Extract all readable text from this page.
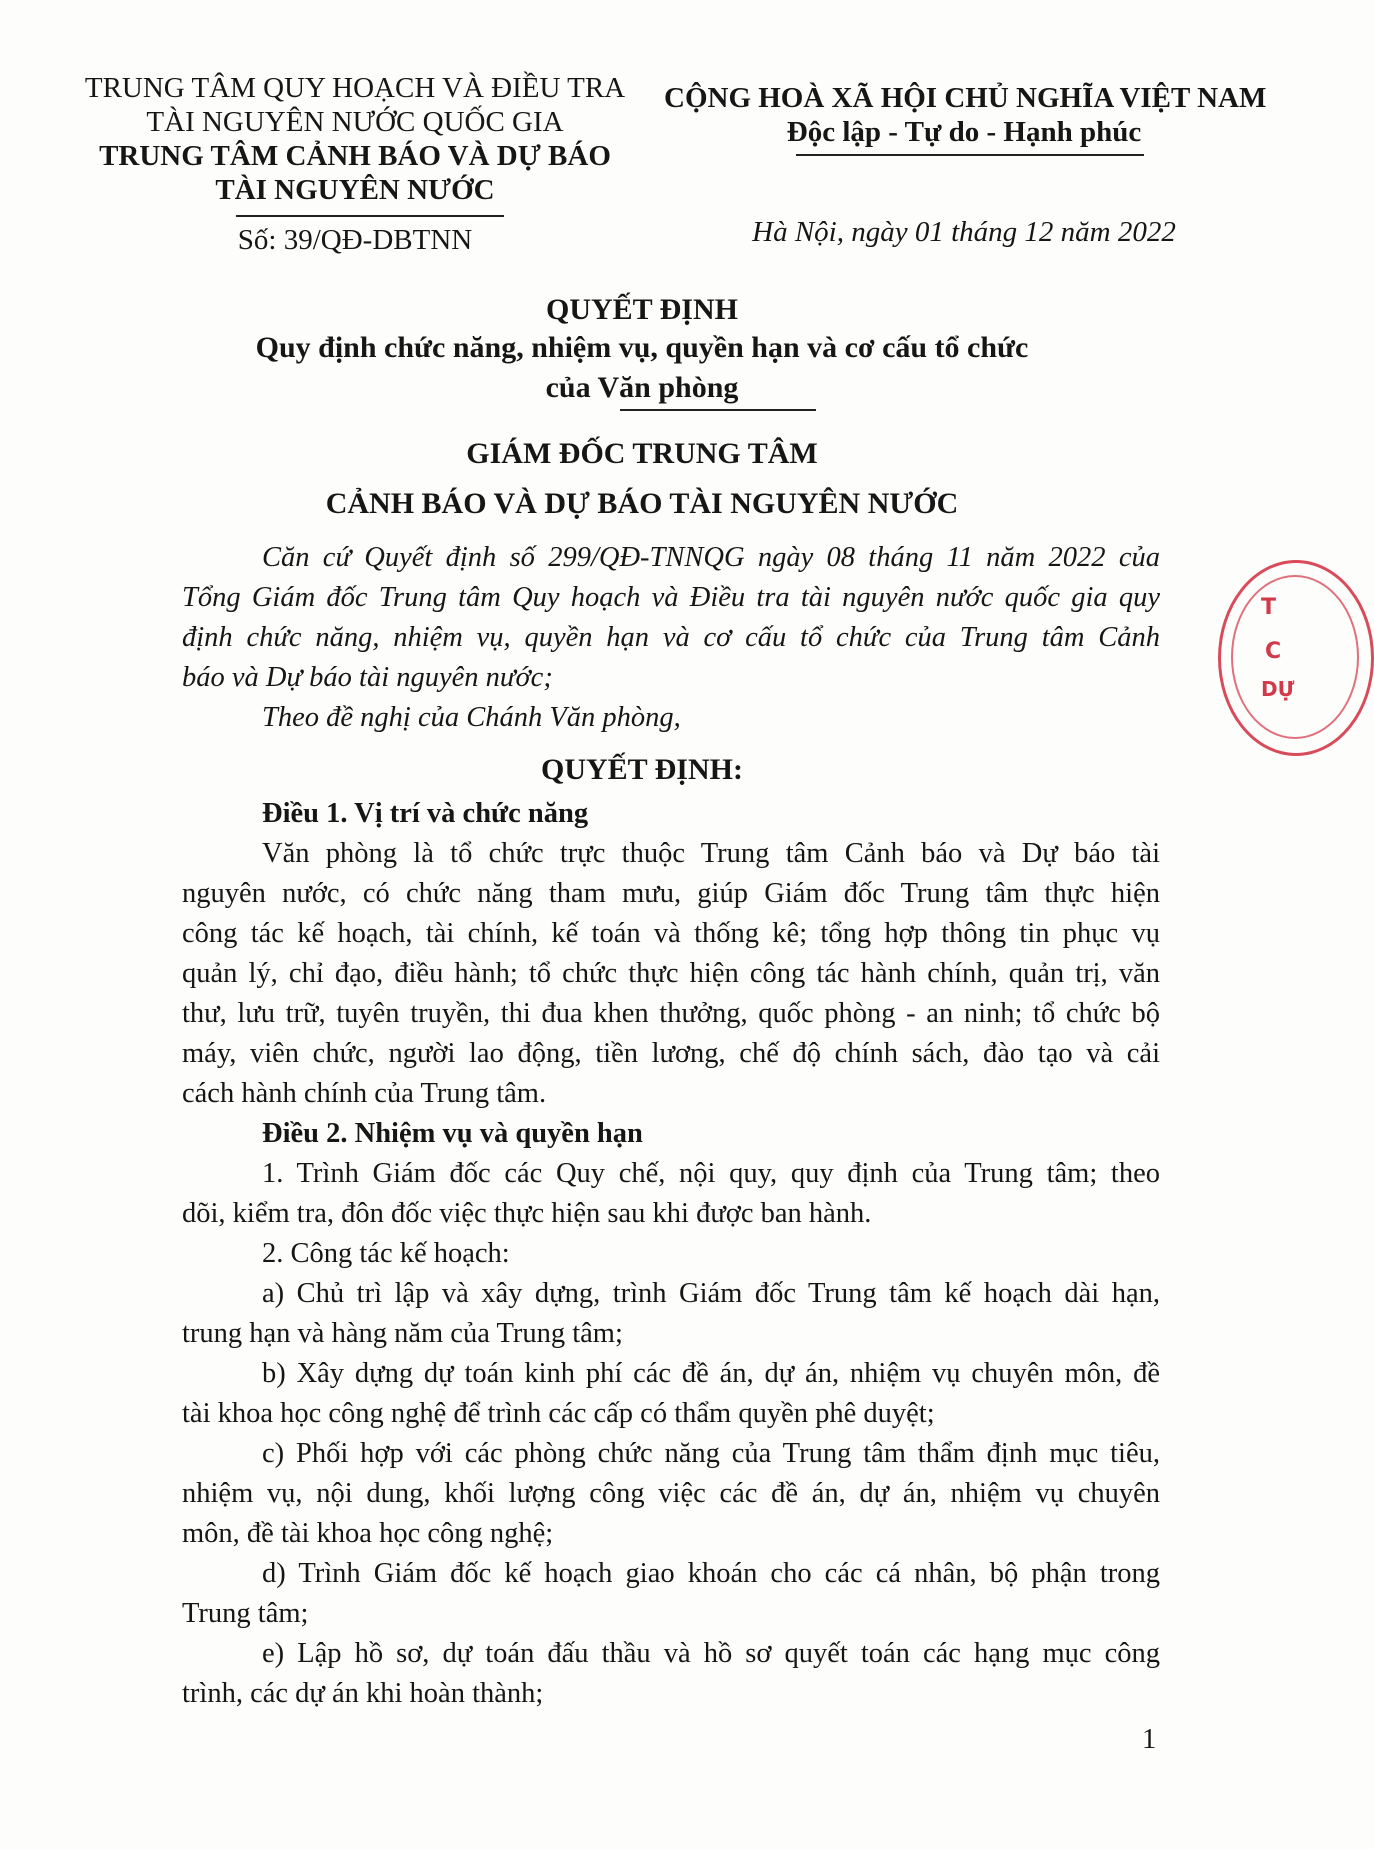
TRUNG TÂM QUY HOẠCH VÀ ĐIỀU TRA
TÀI NGUYÊN NƯỚC QUỐC GIA
TRUNG TÂM CẢNH BÁO VÀ DỰ BÁO
TÀI NGUYÊN NƯỚC
Số: 39/QĐ-DBTNN
CỘNG HOÀ XÃ HỘI CHỦ NGHĨA VIỆT NAM
Độc lập - Tự do - Hạnh phúc
Hà Nội, ngày 01 tháng 12 năm 2022
QUYẾT ĐỊNH
Quy định chức năng, nhiệm vụ, quyền hạn và cơ cấu tổ chức
của Văn phòng
GIÁM ĐỐC TRUNG TÂM
CẢNH BÁO VÀ DỰ BÁO TÀI NGUYÊN NƯỚC
Căn cứ Quyết định số 299/QĐ-TNNQG ngày 08 tháng 11 năm 2022 của
Tổng Giám đốc Trung tâm Quy hoạch và Điều tra tài nguyên nước quốc gia quy
định chức năng, nhiệm vụ, quyền hạn và cơ cấu tổ chức của Trung tâm Cảnh
báo và Dự báo tài nguyên nước;
Theo đề nghị của Chánh Văn phòng,
QUYẾT ĐỊNH:
Điều 1. Vị trí và chức năng
Văn phòng là tổ chức trực thuộc Trung tâm Cảnh báo và Dự báo tài
nguyên nước, có chức năng tham mưu, giúp Giám đốc Trung tâm thực hiện
công tác kế hoạch, tài chính, kế toán và thống kê; tổng hợp thông tin phục vụ
quản lý, chỉ đạo, điều hành; tổ chức thực hiện công tác hành chính, quản trị, văn
thư, lưu trữ, tuyên truyền, thi đua khen thưởng, quốc phòng - an ninh; tổ chức bộ
máy, viên chức, người lao động, tiền lương, chế độ chính sách, đào tạo và cải
cách hành chính của Trung tâm.
Điều 2. Nhiệm vụ và quyền hạn
1. Trình Giám đốc các Quy chế, nội quy, quy định của Trung tâm; theo
dõi, kiểm tra, đôn đốc việc thực hiện sau khi được ban hành.
2. Công tác kế hoạch:
a) Chủ trì lập và xây dựng, trình Giám đốc Trung tâm kế hoạch dài hạn,
trung hạn và hàng năm của Trung tâm;
b) Xây dựng dự toán kinh phí các đề án, dự án, nhiệm vụ chuyên môn, đề
tài khoa học công nghệ để trình các cấp có thẩm quyền phê duyệt;
c) Phối hợp với các phòng chức năng của Trung tâm thẩm định mục tiêu,
nhiệm vụ, nội dung, khối lượng công việc các đề án, dự án, nhiệm vụ chuyên
môn, đề tài khoa học công nghệ;
d) Trình Giám đốc kế hoạch giao khoán cho các cá nhân, bộ phận trong
Trung tâm;
e) Lập hồ sơ, dự toán đấu thầu và hồ sơ quyết toán các hạng mục công
trình, các dự án khi hoàn thành;
1
T
C
DỰ
